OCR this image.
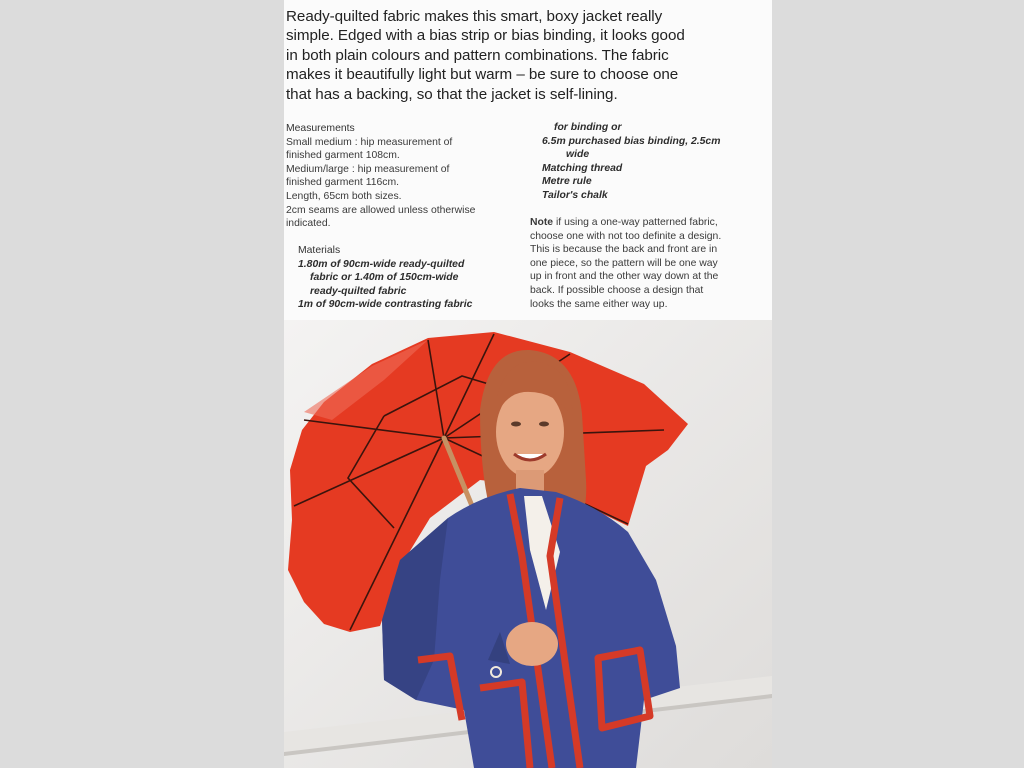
Ready-quilted fabric makes this smart, boxy jacket really
simple. Edged with a bias strip or bias binding, it looks good
in both plain colours and pattern combinations. The fabric
makes it beautifully light but warm – be sure to choose one
that has a backing, so that the jacket is self-lining.

Measurements
Small medium : hip measurement of
finished garment 108cm.
Medium/large : hip measurement of
finished garment 116cm.
Length, 65cm both sizes.
2cm seams are allowed unless otherwise
indicated.
Materials
1.80m of 90cm-wide ready-quilted
fabric or 1.40m of 150cm-wide
ready-quilted fabric
1m of 90cm-wide contrasting fabric
for binding or
6.5m purchased bias binding, 2.5cm
wide
Matching thread
Metre rule
Tailor's chalk
Note if using a one-way patterned fabric,
choose one with not too definite a design.
This is because the back and front are in
one piece, so the pattern will be one way
up in front and the other way down at the
back. If possible choose a design that
looks the same either way up.
